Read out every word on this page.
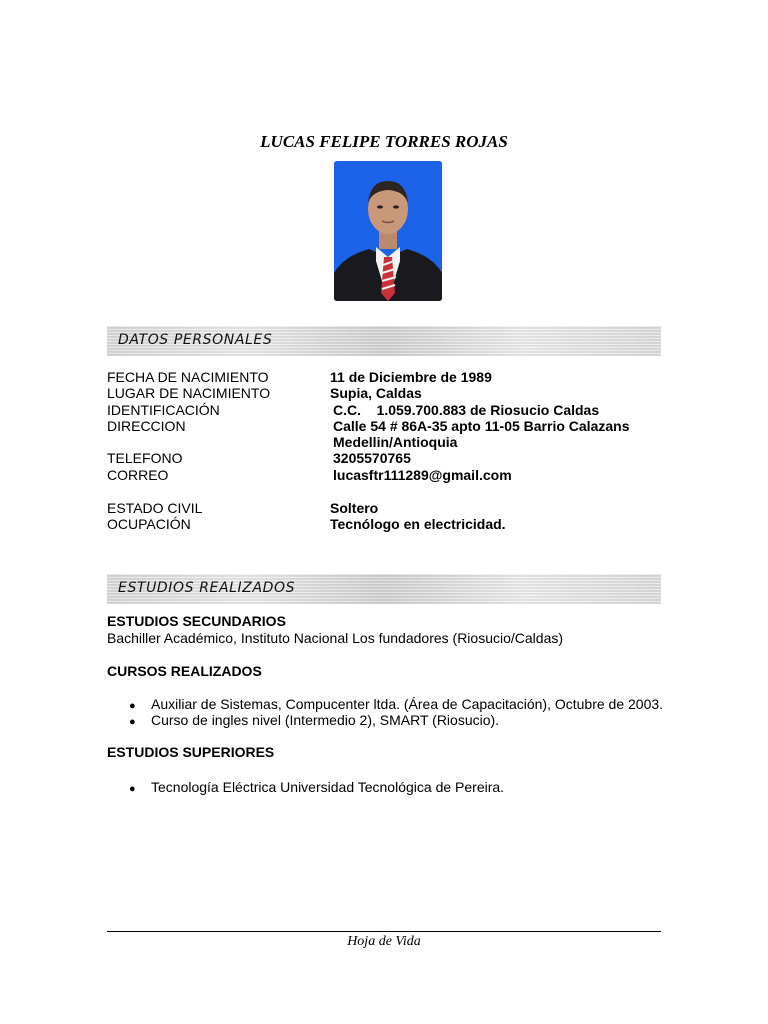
LUCAS FELIPE TORRES ROJAS
DATOS PERSONALES
FECHA DE NACIMIENTO	11 de Diciembre de 1989
LUGAR DE NACIMIENTO	Supia, Caldas
IDENTIFICACIÓN	C.C.    1.059.700.883 de Riosucio Caldas
DIRECCION	Calle 54 # 86A-35 apto 11-05 Barrio Calazans
Medellin/Antioquia
TELEFONO	3205570765
CORREO	lucasftr111289@gmail.com
ESTADO CIVIL	Soltero
OCUPACIÓN	Tecnólogo en electricidad.
ESTUDIOS REALIZADOS
ESTUDIOS SECUNDARIOS
Bachiller Académico, Instituto Nacional Los fundadores (Riosucio/Caldas)
CURSOS REALIZADOS
● Auxiliar de Sistemas, Compucenter ltda. (Área de Capacitación), Octubre de 2003.
● Curso de ingles nivel (Intermedio 2), SMART (Riosucio).
ESTUDIOS SUPERIORES
● Tecnología Eléctrica Universidad Tecnológica de Pereira.
Hoja de Vida
